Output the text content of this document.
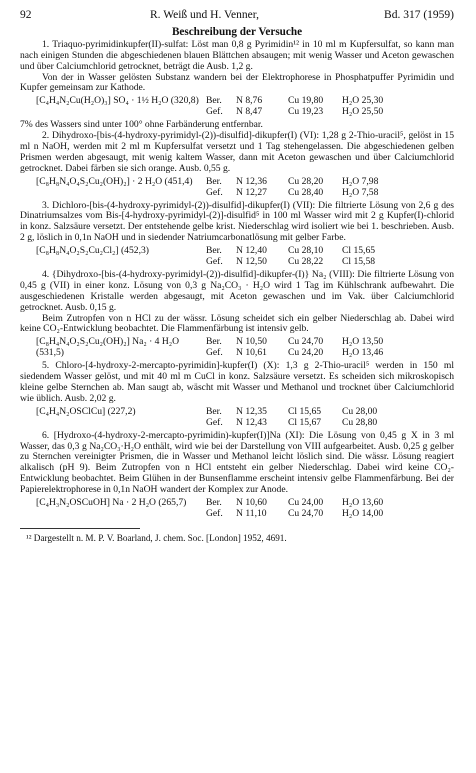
92	R. Weiß und H. Venner,	Bd. 317 (1959)
Beschreibung der Versuche

1. Triaquo-pyrimidinkupfer(II)-sulfat: Löst man 0,8 g Pyrimidin¹² in 10 ml m Kupfersulfat, so kann man nach einigen Stunden die abgeschiedenen blauen Blättchen absaugen; mit wenig Wasser und Aceton gewaschen und über Calciumchlorid getrocknet, beträgt die Ausb. 1,2 g.

Von der in Wasser gelösten Substanz wandern bei der Elektrophorese in Phosphatpuffer Pyrimidin und Kupfer gemeinsam zur Kathode.

[C₄H₄N₂Cu(H₂O)₃] SO₄ · 1½ H₂O (320,8) Ber.	N 8,76	Cu 19,80	H₂O 25,30
Gef.	N 8,47	Cu 19,23	H₂O 25,50

7% des Wassers sind unter 100° ohne Farbänderung entfernbar.

2. Dihydroxo-[bis-(4-hydroxy-pyrimidyl-(2))-disulfid]-dikupfer(I) (VI): 1,28 g 2-Thio-uracil⁵, gelöst in 15 ml n NaOH, werden mit 2 ml m Kupfersulfat versetzt und 1 Tag stehengelassen. Die abgeschiedenen gelben Prismen werden abgesaugt, mit wenig kaltem Wasser, dann mit Aceton gewaschen und über Calciumchlorid getrocknet. Dabei färben sie sich orange. Ausb. 0,55 g.

[C₈H₈N₄O₄S₂Cu₂(OH)₂] · 2 H₂O (451,4)	Ber.	N 12,36	Cu 28,20	H₂O 7,98
Gef.	N 12,27	Cu 28,40	H₂O 7,58

3. Dichloro-[bis-(4-hydroxy-pyrimidyl-(2))-disulfid]-dikupfer(I) (VII): Die filtrierte Lösung von 2,6 g des Dinatriumsalzes vom Bis-[4-hydroxy-pyrimidyl-(2)]-disulfid⁵ in 100 ml Wasser wird mit 2 g Kupfer(I)-chlorid in konz. Salzsäure versetzt. Der entstehende gelbe krist. Niederschlag wird isoliert wie bei 1. beschrieben. Ausb. 2 g, löslich in 0,1n NaOH und in siedender Natriumcarbonatlösung mit gelber Farbe.

[C₈H₈N₄O₂S₂Cu₂Cl₂] (452,3)	Ber.	N 12,40	Cu 28,10	Cl 15,65
Gef.	N 12,50	Cu 28,22	Cl 15,58

4. {Dihydroxo-[bis-(4-hydroxy-pyrimidyl-(2))-disulfid]-dikupfer-(I)} Na₂ (VIII): Die filtrierte Lösung von 0,45 g (VII) in einer konz. Lösung von 0,3 g Na₂CO₃ · H₂O wird 1 Tag im Kühlschrank aufbewahrt. Die ausgeschiedenen Kristalle werden abgesaugt, mit Aceton gewaschen und im Vak. über Calciumchlorid getrocknet. Ausb. 0,15 g.

Beim Zutropfen von n HCl zu der wässr. Lösung scheidet sich ein gelber Niederschlag ab. Dabei wird keine CO₂-Entwicklung beobachtet. Die Flammenfärbung ist intensiv gelb.

[C₈H₄N₄O₂S₂Cu₂(OH)₂] Na₂ · 4 H₂O (531,5)
Ber.	N 10,50	Cu 24,70	H₂O 13,50
Gef.	N 10,61	Cu 24,20	H₂O 13,46

5. Chloro-[4-hydroxy-2-mercapto-pyrimidin]-kupfer(I) (X): 1,3 g 2-Thio-uracil⁵ werden in 150 ml siedendem Wasser gelöst, und mit 40 ml m CuCl in konz. Salzsäure versetzt. Es scheiden sich mikroskopisch kleine gelbe Sternchen ab. Man saugt ab, wäscht mit Wasser und Methanol und trocknet über Calciumchlorid wie üblich. Ausb. 2,02 g.

[C₄H₄N₂OSClCu] (227,2)	Ber.	N 12,35	Cl 15,65	Cu 28,00
Gef.	N 12,43	Cl 15,67	Cu 28,80

6. [Hydroxo-(4-hydroxy-2-mercapto-pyrimidin)-kupfer(I)]Na (XI): Die Lösung von 0,45 g X in 3 ml Wasser, das 0,3 g Na₂CO₃·H₂O enthält, wird wie bei der Darstellung von VIII aufgearbeitet. Ausb. 0,25 g gelber zu Sternchen vereinigter Prismen, die in Wasser und Methanol leicht löslich sind. Die wässr. Lösung reagiert alkalisch (pH 9). Beim Zutropfen von n HCl entsteht ein gelber Niederschlag. Dabei wird keine CO₂-Entwicklung beobachtet. Beim Glühen in der Bunsenflamme erscheint intensiv gelbe Flammenfärbung. Bei der Papierelektrophorese in 0,1n NaOH wandert der Komplex zur Anode.

[C₄H₃N₂OSCuOH] Na · 2 H₂O (265,7)	Ber.	N 10,60	Cu 24,00	H₂O 13,60
Gef.	N 11,10	Cu 24,70	H₂O 14,00

¹² Dargestellt n. M. P. V. Boarland, J. chem. Soc. [London] 1952, 4691.
